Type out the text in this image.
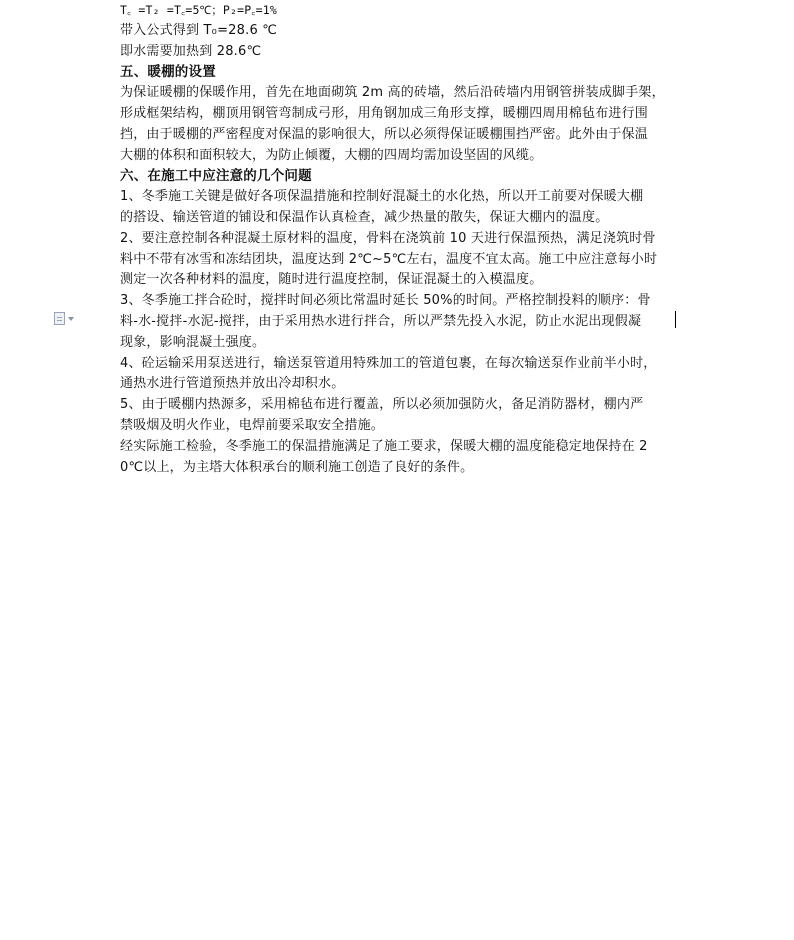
T꜀ =T₂ =T꜀=5℃；P₂=P꜀=1%
带入公式得到 T₀=28.6 ℃
即水需要加热到 28.6℃
五、暖棚的设置
为保证暖棚的保暖作用，首先在地面砌筑 2m 高的砖墙，然后沿砖墙内用钢管拼装成脚手架，
形成框架结构，棚顶用钢管弯制成弓形，用角钢加成三角形支撑，暖棚四周用棉毡布进行围
挡，由于暖棚的严密程度对保温的影响很大，所以必须得保证暖棚围挡严密。此外由于保温
大棚的体积和面积较大，为防止倾覆，大棚的四周均需加设坚固的风缆。
六、在施工中应注意的几个问题
1、冬季施工关键是做好各项保温措施和控制好混凝土的水化热，所以开工前要对保暖大棚
的搭设、输送管道的铺设和保温作认真检查，减少热量的散失，保证大棚内的温度。
2、要注意控制各种混凝土原材料的温度，骨料在浇筑前 10 天进行保温预热，满足浇筑时骨
料中不带有冰雪和冻结团块，温度达到 2℃~5℃左右，温度不宜太高。施工中应注意每小时
测定一次各种材料的温度，随时进行温度控制，保证混凝土的入模温度。
3、冬季施工拌合砼时，搅拌时间必须比常温时延长 50%的时间。严格控制投料的顺序：骨
料-水-搅拌-水泥-搅拌，由于采用热水进行拌合，所以严禁先投入水泥，防止水泥出现假凝
现象，影响混凝土强度。
4、砼运输采用泵送进行，输送泵管道用特殊加工的管道包裹，在每次输送泵作业前半小时，
通热水进行管道预热并放出冷却积水。
5、由于暖棚内热源多，采用棉毡布进行覆盖，所以必须加强防火，备足消防器材，棚内严
禁吸烟及明火作业，电焊前要采取安全措施。
经实际施工检验，冬季施工的保温措施满足了施工要求，保暖大棚的温度能稳定地保持在 2
0℃以上，为主塔大体积承台的顺利施工创造了良好的条件。
